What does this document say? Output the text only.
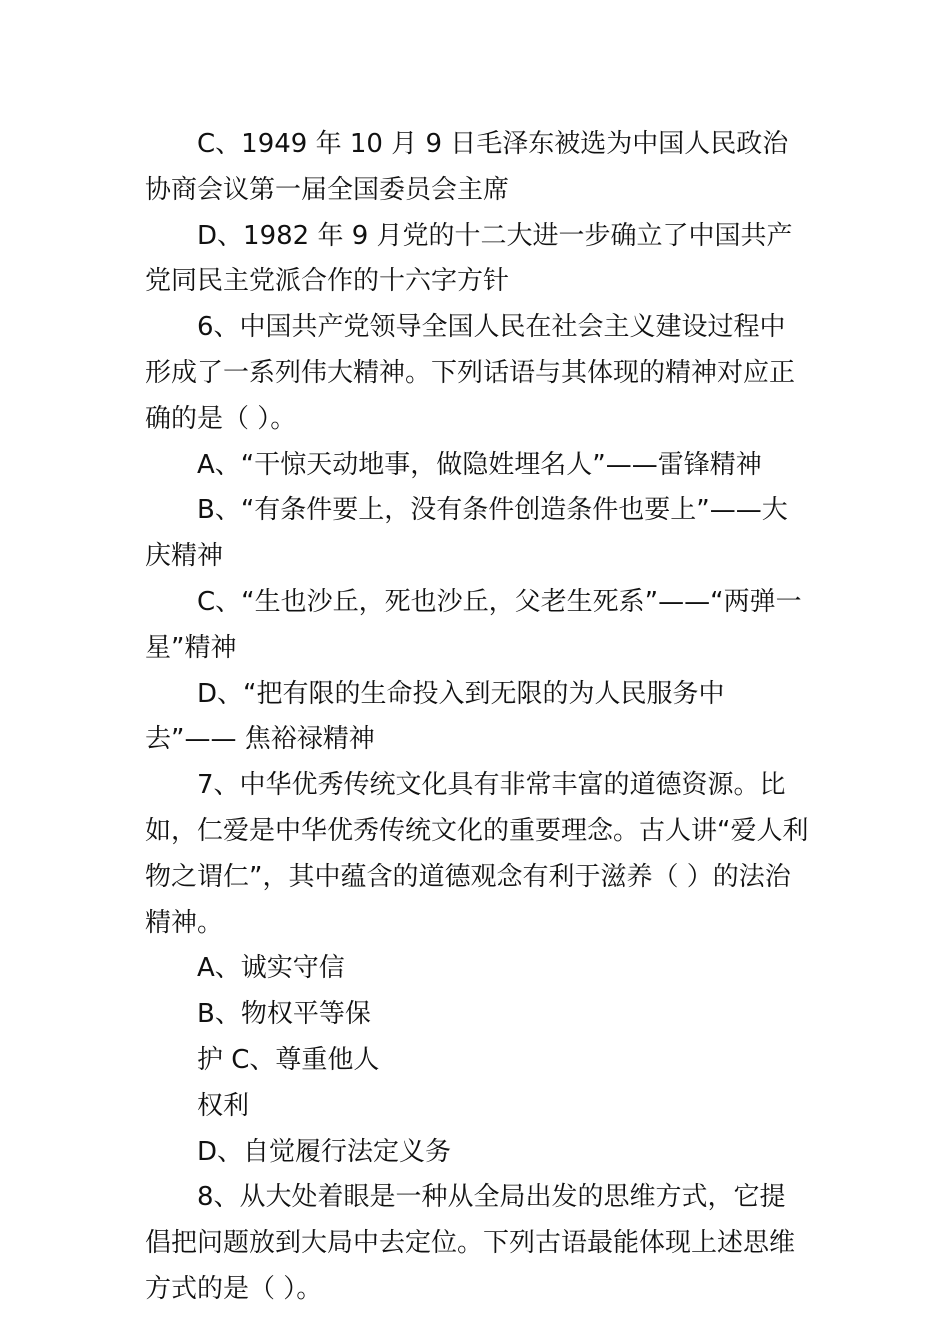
C、1949 年 10 月 9 日毛泽东被选为中国人民政治协商会议第一届全国委员会主席

D、1982 年 9 月党的十二大进一步确立了中国共产党同民主党派合作的十六字方针

6、中国共产党领导全国人民在社会主义建设过程中形成了一系列伟大精神。下列话语与其体现的精神对应正确的是（ ）。

A、“干惊天动地事，做隐姓埋名人”——雷锋精神

B、“有条件要上，没有条件创造条件也要上”——大庆精神

C、“生也沙丘，死也沙丘，父老生死系”——“两弹一星”精神

D、“把有限的生命投入到无限的为人民服务中去”—— 焦裕禄精神

7、中华优秀传统文化具有非常丰富的道德资源。比如，仁爱是中华优秀传统文化的重要理念。古人讲“爱人利物之谓仁”，其中蕴含的道德观念有利于滋养（ ）的法治精神。

A、诚实守信

B、物权平等保

护 C、尊重他人

权利

D、自觉履行法定义务

8、从大处着眼是一种从全局出发的思维方式，它提倡把问题放到大局中去定位。下列古语最能体现上述思维方式的是（ ）。
